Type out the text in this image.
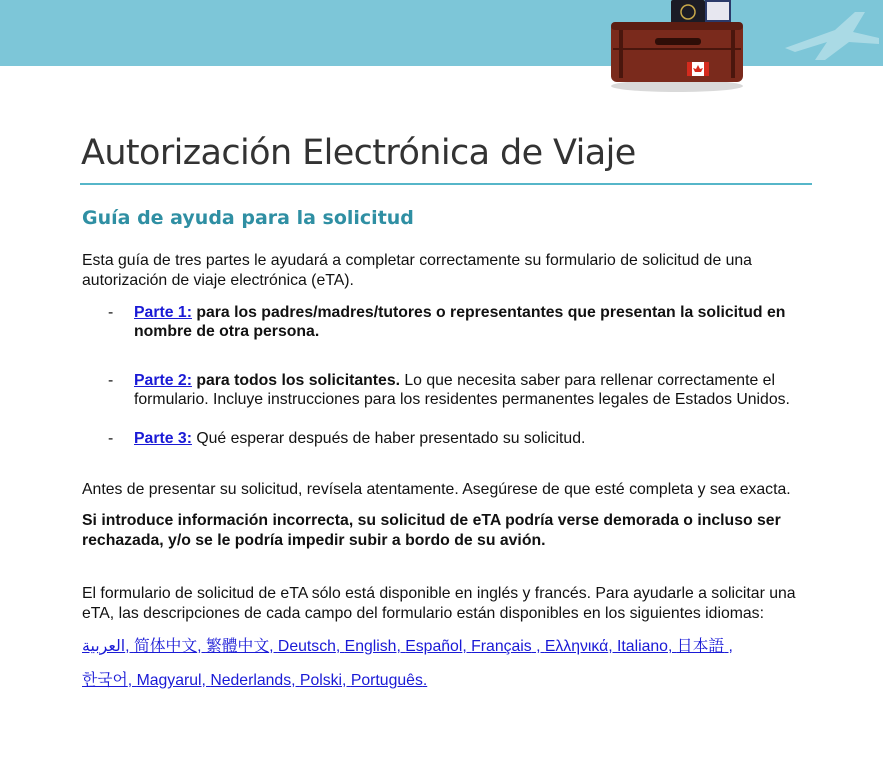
Autorización Electrónica de Viaje
Guía de ayuda para la solicitud

Esta guía de tres partes le ayudará a completar correctamente su formulario de solicitud de una autorización de viaje electrónica (eTA).

- Parte 1: para los padres/madres/tutores o representantes que presentan la solicitud en nombre de otra persona.
- Parte 2: para todos los solicitantes. Lo que necesita saber para rellenar correctamente el formulario. Incluye instrucciones para los residentes permanentes legales de Estados Unidos.
- Parte 3: Qué esperar después de haber presentado su solicitud.

Antes de presentar su solicitud, revísela atentamente. Asegúrese de que esté completa y sea exacta.

Si introduce información incorrecta, su solicitud de eTA podría verse demorada o incluso ser rechazada, y/o se le podría impedir subir a bordo de su avión.

El formulario de solicitud de eTA sólo está disponible en inglés y francés. Para ayudarle a solicitar una eTA, las descripciones de cada campo del formulario están disponibles en los siguientes idiomas:

العربية, 简体中文, 繁體中文, Deutsch, English, Español, Français , Ελληνικά, Italiano, 日本語 ,
한국어, Magyarul, Nederlands, Polski, Português.
